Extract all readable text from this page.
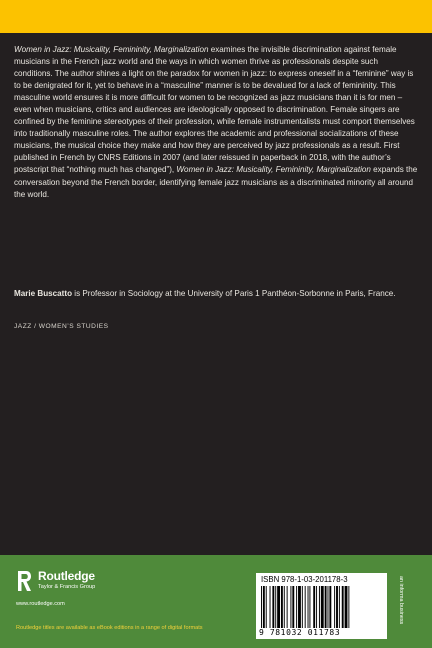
Women in Jazz: Musicality, Femininity, Marginalization examines the invisible discrimination against female musicians in the French jazz world and the ways in which women thrive as professionals despite such conditions. The author shines a light on the paradox for women in jazz: to express oneself in a “feminine” way is to be denigrated for it, yet to behave in a “masculine” manner is to be devalued for a lack of femininity. This masculine world ensures it is more difficult for women to be recognized as jazz musicians than it is for men – even when musicians, critics and audiences are ideologically opposed to discrimination. Female singers are confined by the feminine stereotypes of their profession, while female instrumentalists must comport themselves into traditionally masculine roles. The author explores the academic and professional socializations of these musicians, the musical choice they make and how they are perceived by jazz professionals as a result. First published in French by CNRS Editions in 2007 (and later reissued in paperback in 2018, with the author’s postscript that “nothing much has changed”), Women in Jazz: Musicality, Femininity, Marginalization expands the conversation beyond the French border, identifying female jazz musicians as a discriminated minority all around the world.
Marie Buscatto is Professor in Sociology at the University of Paris 1 Panthéon-Sorbonne in Paris, France.
JAZZ / WOMEN’S STUDIES
Routledge
Taylor & Francis Group
www.routledge.com
Routledge titles are available as eBook editions in a range of digital formats
ISBN 978-1-03-201178-3
9 781032 011783
an informa business
